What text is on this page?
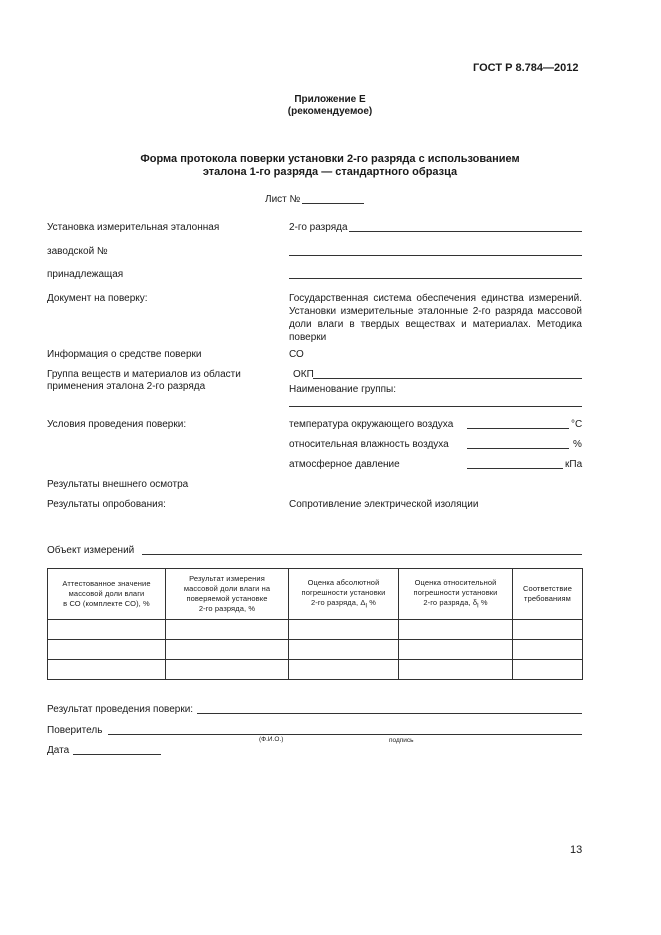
ГОСТ Р 8.784—2012
Приложение Е
(рекомендуемое)
Форма протокола поверки установки 2-го разряда с использованием
эталона 1-го разряда — стандартного образца
Лист №
Установка измерительная эталонная	2-го разряда
заводской №
принадлежащая
Документ на поверку:	Государственная система обеспечения единства измерений. Установки измерительные эталонные 2-го разряда массовой доли влаги в твердых веществах и материалах. Методика поверки
Информация о средстве поверки	СО
Группа веществ и материалов из области
применения эталона 2-го разряда
ОКП
Наименование группы:
Условия проведения поверки:	температура окружающего воздуха	°С
относительная влажность воздуха	%
атмосферное давление	кПа
Результаты внешнего осмотра
Результаты опробования:	Сопротивление электрической изоляции
Объект измерений
Аттестованное значение
массовой доли влаги
в СО (комплекте СО), %	Результат измерения
массовой доли влаги на
поверяемой установке
2-го разряда, %	Оценка абсолютной
погрешности установки
2-го разряда, $\Delta_l$ %	Оценка относительной
погрешности установки
2-го разряда, $\delta_l$ %	Соответствие
требованиям

Результат проведения поверки:
Поверитель
(Ф.И.О.)	подпись
Дата
13
